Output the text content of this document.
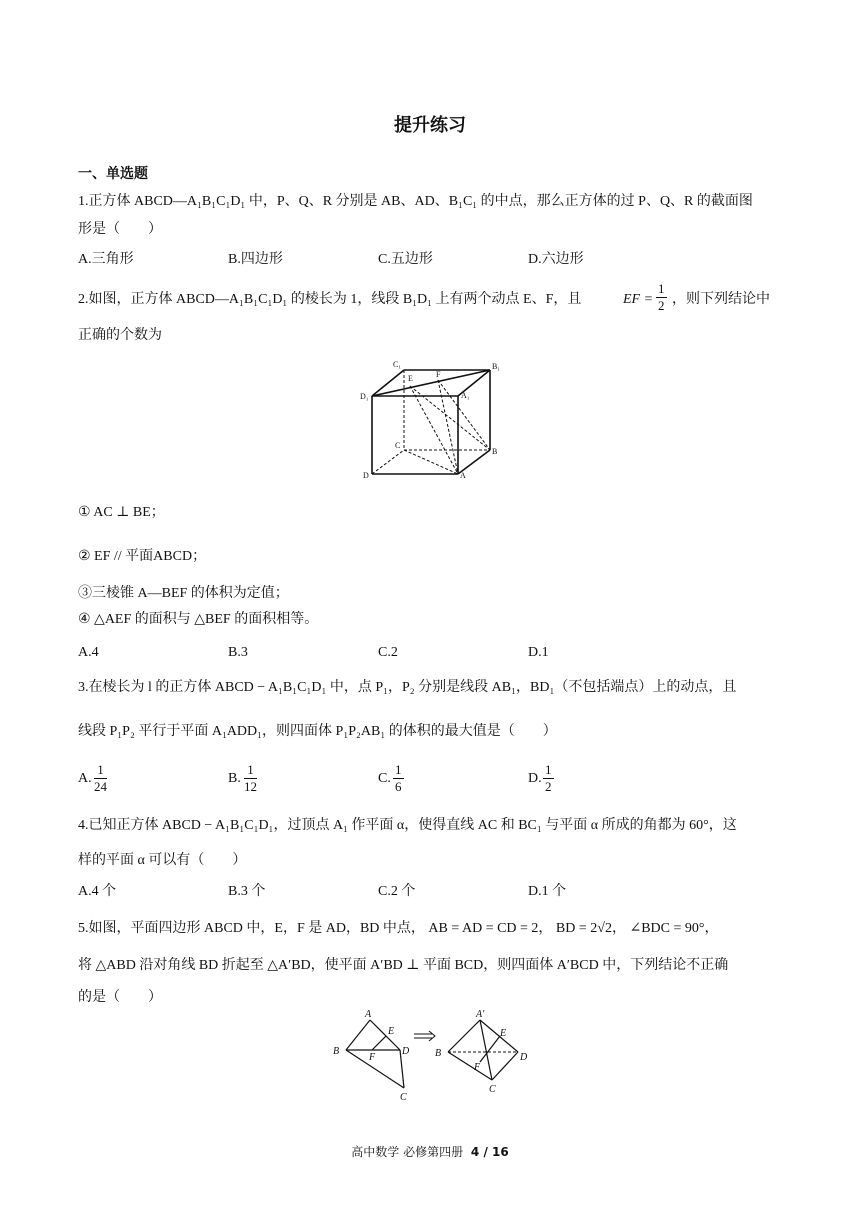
提升练习
一、单选题
1.正方体 ABCD—A₁B₁C₁D₁ 中，P、Q、R 分别是 AB、AD、B₁C₁ 的中点，那么正方体的过 P、Q、R 的截面图
形是（　　）
A.三角形	B.四边形	C.五边形	D.六边形
2.如图，正方体 ABCD—A₁B₁C₁D₁ 的棱长为 1，线段 B₁D₁ 上有两个动点 E、F，且	EF = $\frac{1}{2}$ ，则下列结论中
正确的个数为
C₁	B₁
D₁	A₁
E	F
C
B
D	A
① AC ⊥ BE；
② EF // 平面ABCD；
③三棱锥 A—BEF 的体积为定值；
④ △AEF 的面积与 △BEF 的面积相等。
A.4	B.3	C.2	D.1
3.在棱长为 l 的正方体 ABCD − A₁B₁C₁D₁ 中，点 P₁，P₂ 分别是线段 AB₁，BD₁（不包括端点）上的动点，且
线段 P₁P₂ 平行于平面 A₁ADD₁，则四面体 P₁P₂AB₁ 的体积的最大值是（　　）
A. $\frac{1}{24}$	B. $\frac{1}{12}$	C. $\frac{1}{6}$	D. $\frac{1}{2}$
4.已知正方体 ABCD − A₁B₁C₁D₁，过顶点 A₁ 作平面 α，使得直线 AC 和 BC₁ 与平面 α 所成的角都为 60°，这
样的平面 α 可以有（　　）
A.4 个	B.3 个	C.2 个	D.1 个
5.如图，平面四边形 ABCD 中，E，F 是 AD，BD 中点， AB = AD = CD = 2， BD = 2√2， ∠BDC = 90°，
将 △ABD 沿对角线 BD 折起至 △A′BD，使平面 A′BD ⊥ 平面 BCD，则四面体 A′BCD 中，下列结论不正确
的是（　　）
A
E
B
F
D
C
A′
E
B
F
D
C
高中数学 必修第四册 4 / 16
